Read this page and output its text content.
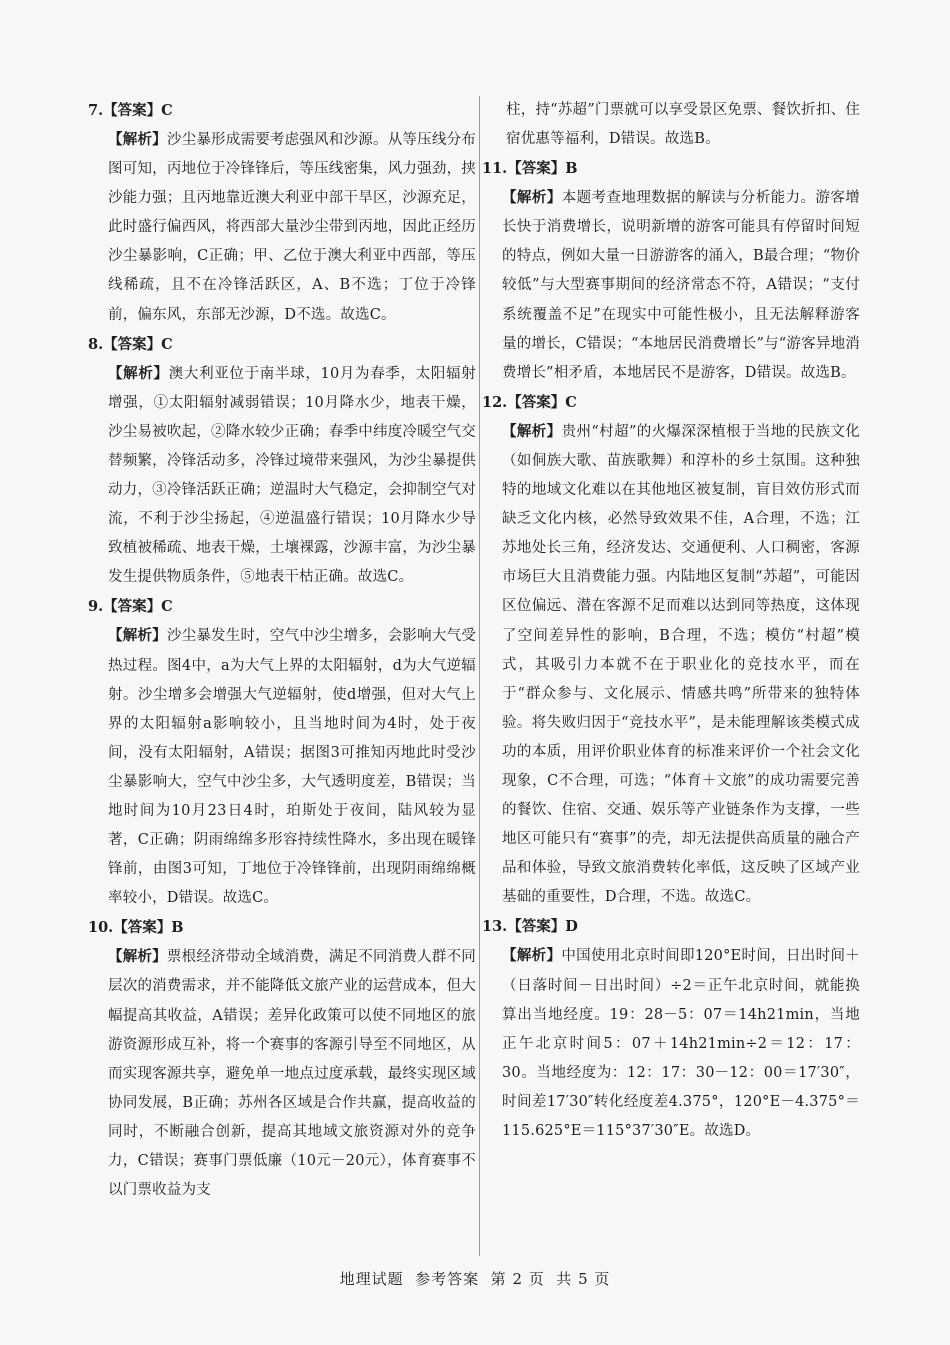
7.【答案】C

【解析】沙尘暴形成需要考虑强风和沙源。从等压线分布图可知，丙地位于冷锋锋后，等压线密集，风力强劲，挟沙能力强；且丙地靠近澳大利亚中部干旱区，沙源充足，此时盛行偏西风，将西部大量沙尘带到丙地，因此正经历沙尘暴影响，C正确；甲、乙位于澳大利亚中西部，等压线稀疏，且不在冷锋活跃区，A、B不选；丁位于冷锋前，偏东风，东部无沙源，D不选。故选C。

8.【答案】C

【解析】澳大利亚位于南半球，10月为春季，太阳辐射增强，①太阳辐射减弱错误；10月降水少，地表干燥，沙尘易被吹起，②降水较少正确；春季中纬度冷暖空气交替频繁，冷锋活动多，冷锋过境带来强风，为沙尘暴提供动力，③冷锋活跃正确；逆温时大气稳定，会抑制空气对流，不利于沙尘扬起，④逆温盛行错误；10月降水少导致植被稀疏、地表干燥，土壤裸露，沙源丰富，为沙尘暴发生提供物质条件，⑤地表干枯正确。故选C。

9.【答案】C

【解析】沙尘暴发生时，空气中沙尘增多，会影响大气受热过程。图4中，a为大气上界的太阳辐射，d为大气逆辐射。沙尘增多会增强大气逆辐射，使d增强，但对大气上界的太阳辐射a影响较小，且当地时间为4时，处于夜间，没有太阳辐射，A错误；据图3可推知丙地此时受沙尘暴影响大，空气中沙尘多，大气透明度差，B错误；当地时间为10月23日4时，珀斯处于夜间，陆风较为显著，C正确；阴雨绵绵多形容持续性降水，多出现在暖锋锋前，由图3可知，丁地位于冷锋锋前，出现阴雨绵绵概率较小，D错误。故选C。

10.【答案】B

【解析】票根经济带动全域消费，满足不同消费人群不同层次的消费需求，并不能降低文旅产业的运营成本，但大幅提高其收益，A错误；差异化政策可以使不同地区的旅游资源形成互补，将一个赛事的客源引导至不同地区，从而实现客源共享，避免单一地点过度承载，最终实现区域协同发展，B正确；苏州各区域是合作共赢，提高收益的同时，不断融合创新，提高其地域文旅资源对外的竞争力，C错误；赛事门票低廉（10元－20元），体育赛事不以门票收益为支

柱，持“苏超”门票就可以享受景区免票、餐饮折扣、住宿优惠等福利，D错误。故选B。

11.【答案】B

【解析】本题考查地理数据的解读与分析能力。游客增长快于消费增长，说明新增的游客可能具有停留时间短的特点，例如大量一日游游客的涌入，B最合理；“物价较低”与大型赛事期间的经济常态不符，A错误；“支付系统覆盖不足”在现实中可能性极小，且无法解释游客量的增长，C错误；“本地居民消费增长”与“游客异地消费增长”相矛盾，本地居民不是游客，D错误。故选B。

12.【答案】C

【解析】贵州“村超”的火爆深深植根于当地的民族文化（如侗族大歌、苗族歌舞）和淳朴的乡土氛围。这种独特的地域文化难以在其他地区被复制，盲目效仿形式而缺乏文化内核，必然导致效果不佳，A合理，不选；江苏地处长三角，经济发达、交通便利、人口稠密，客源市场巨大且消费能力强。内陆地区复制“苏超”，可能因区位偏远、潜在客源不足而难以达到同等热度，这体现了空间差异性的影响，B合理，不选；模仿“村超”模式，其吸引力本就不在于职业化的竞技水平，而在于“群众参与、文化展示、情感共鸣”所带来的独特体验。将失败归因于“竞技水平”，是未能理解该类模式成功的本质，用评价职业体育的标准来评价一个社会文化现象，C不合理，可选；“体育＋文旅”的成功需要完善的餐饮、住宿、交通、娱乐等产业链条作为支撑，一些地区可能只有“赛事”的壳，却无法提供高质量的融合产品和体验，导致文旅消费转化率低，这反映了区域产业基础的重要性，D合理，不选。故选C。

13.【答案】D

【解析】中国使用北京时间即120°E时间，日出时间＋（日落时间－日出时间）÷2＝正午北京时间，就能换算出当地经度。19：28－5：07＝14h21min，当地正午北京时间5：07＋14h21min÷2＝12：17：30。当地经度为：12：17：30－12：00＝17′30″，时间差17′30″转化经度差4.375°，120°E－4.375°＝115.625°E＝115°37′30″E。故选D。

地理试题  参考答案  第 2 页  共 5 页
